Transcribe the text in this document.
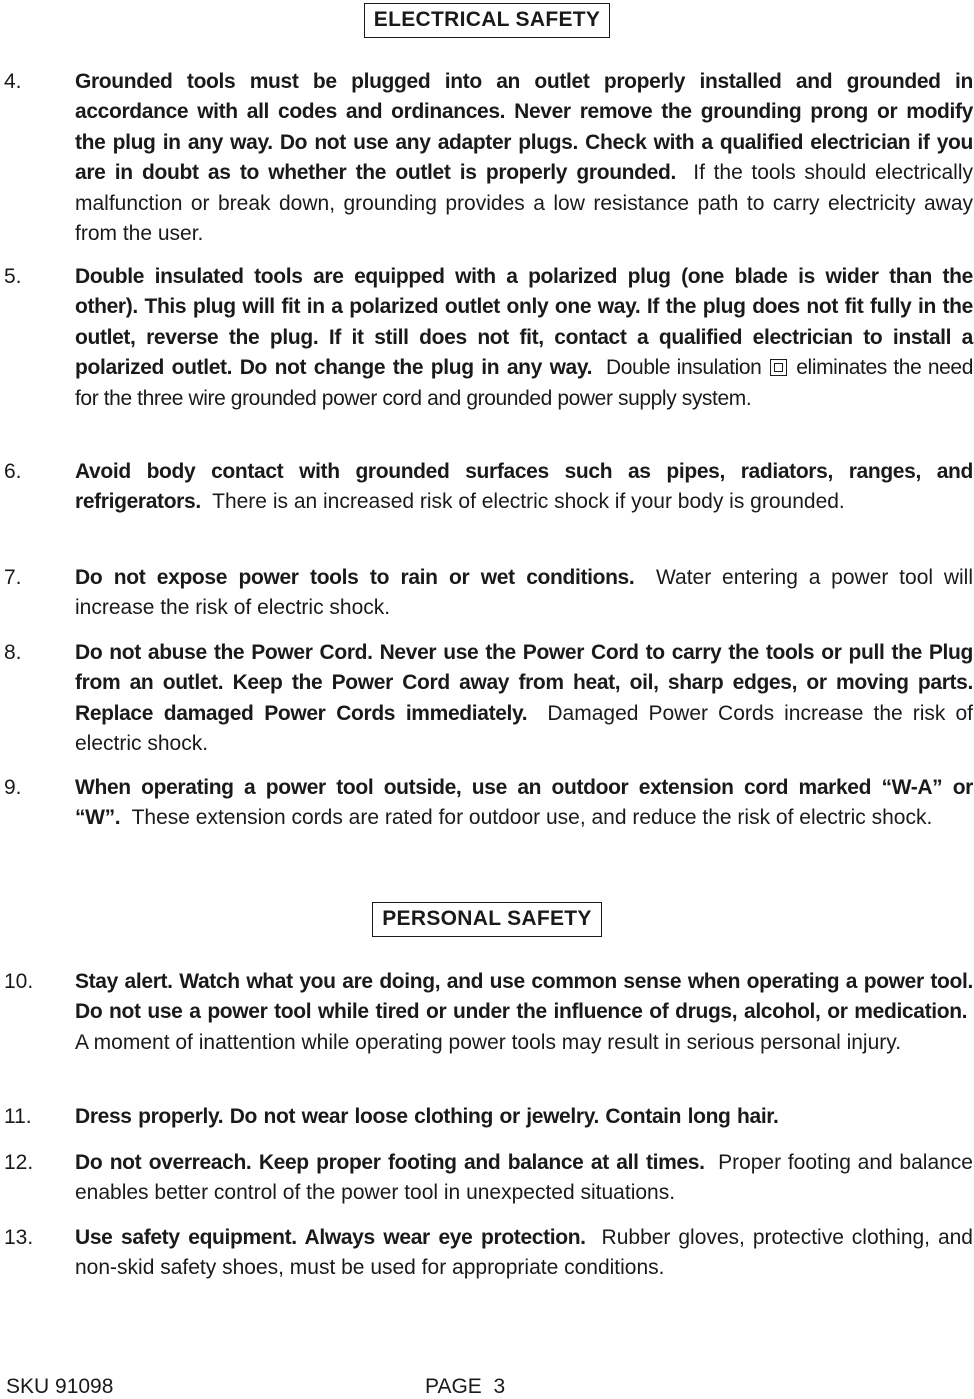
ELECTRICAL SAFETY
4.	Grounded tools must be plugged into an outlet properly installed and grounded in accordance with all codes and ordinances. Never remove the grounding prong or modify the plug in any way. Do not use any adapter plugs. Check with a qualified electrician if you are in doubt as to whether the outlet is properly grounded. If the tools should electrically malfunction or break down, grounding provides a low resistance path to carry electricity away from the user.
5.	Double insulated tools are equipped with a polarized plug (one blade is wider than the other). This plug will fit in a polarized outlet only one way. If the plug does not fit fully in the outlet, reverse the plug. If it still does not fit, contact a qualified electrician to install a polarized outlet. Do not change the plug in any way. Double insulation eliminates the need for the three wire grounded power cord and grounded power supply system.
6.	Avoid body contact with grounded surfaces such as pipes, radiators, ranges, and refrigerators. There is an increased risk of electric shock if your body is grounded.
7.	Do not expose power tools to rain or wet conditions. Water entering a power tool will increase the risk of electric shock.
8.	Do not abuse the Power Cord. Never use the Power Cord to carry the tools or pull the Plug from an outlet. Keep the Power Cord away from heat, oil, sharp edges, or moving parts. Replace damaged Power Cords immediately. Damaged Power Cords increase the risk of electric shock.
9.	When operating a power tool outside, use an outdoor extension cord marked “W-A” or “W”. These extension cords are rated for outdoor use, and reduce the risk of electric shock.
PERSONAL SAFETY
10. Stay alert. Watch what you are doing, and use common sense when operating a power tool. Do not use a power tool while tired or under the influence of drugs, alcohol, or medication.  A moment of inattention while operating power tools may result in serious personal injury.
11. Dress properly. Do not wear loose clothing or jewelry. Contain long hair.
12. Do not overreach. Keep proper footing and balance at all times. Proper footing and balance enables better control of the power tool in unexpected situations.
13. Use safety equipment. Always wear eye protection. Rubber gloves, protective clothing, and non-skid safety shoes, must be used for appropriate conditions.
SKU 91098	PAGE 3
